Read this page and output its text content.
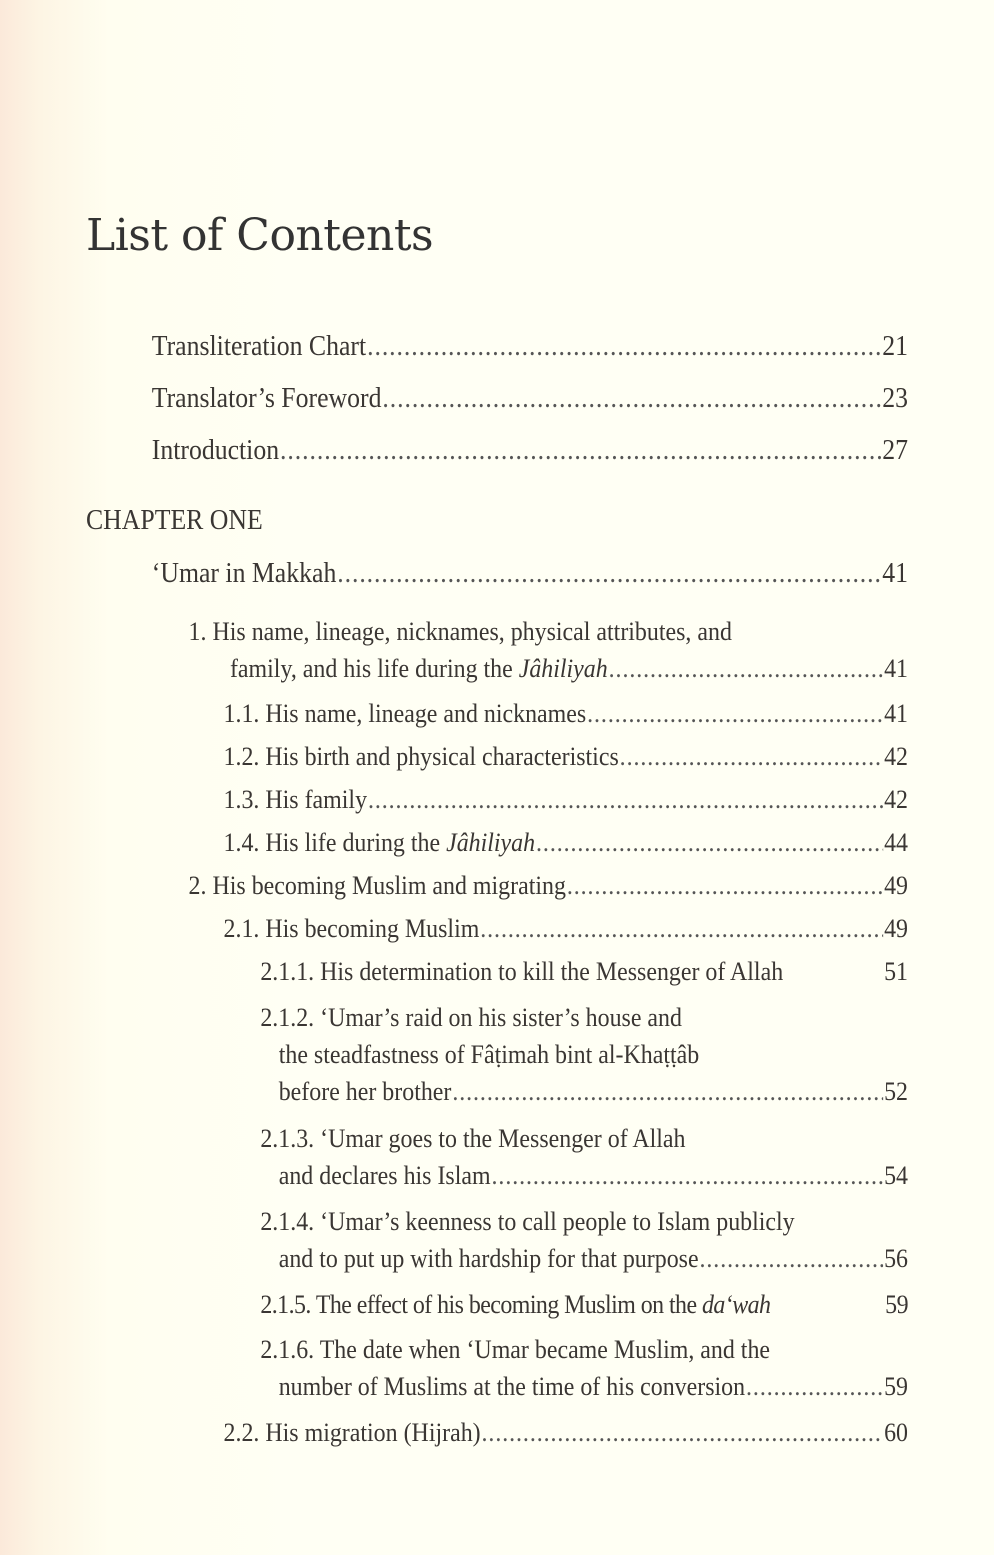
List of Contents
Transliteration Chart .....	21
Translator’s Foreword .....	23
Introduction .....	27
CHAPTER ONE
‘Umar in Makkah .....	41
1. His name, lineage, nicknames, physical attributes, and
family, and his life during the Jâhiliyah .....	41
1.1. His name, lineage and nicknames .....	41
1.2. His birth and physical characteristics .....	42
1.3. His family .....	42
1.4. His life during the Jâhiliyah .....	44
2. His becoming Muslim and migrating .....	49
2.1. His becoming Muslim .....	49
2.1.1. His determination to kill the Messenger of Allah	51
2.1.2. ‘Umar’s raid on his sister’s house and
the steadfastness of Fâṭimah bint al-Khaṭṭâb
before her brother .....	52
2.1.3. ‘Umar goes to the Messenger of Allah
and declares his Islam .....	54
2.1.4. ‘Umar’s keenness to call people to Islam publicly
and to put up with hardship for that purpose .....	56
2.1.5. The effect of his becoming Muslim on the da‘wah	59
2.1.6. The date when ‘Umar became Muslim, and the
number of Muslims at the time of his conversion .....	59
2.2. His migration (Hijrah) .....	60
